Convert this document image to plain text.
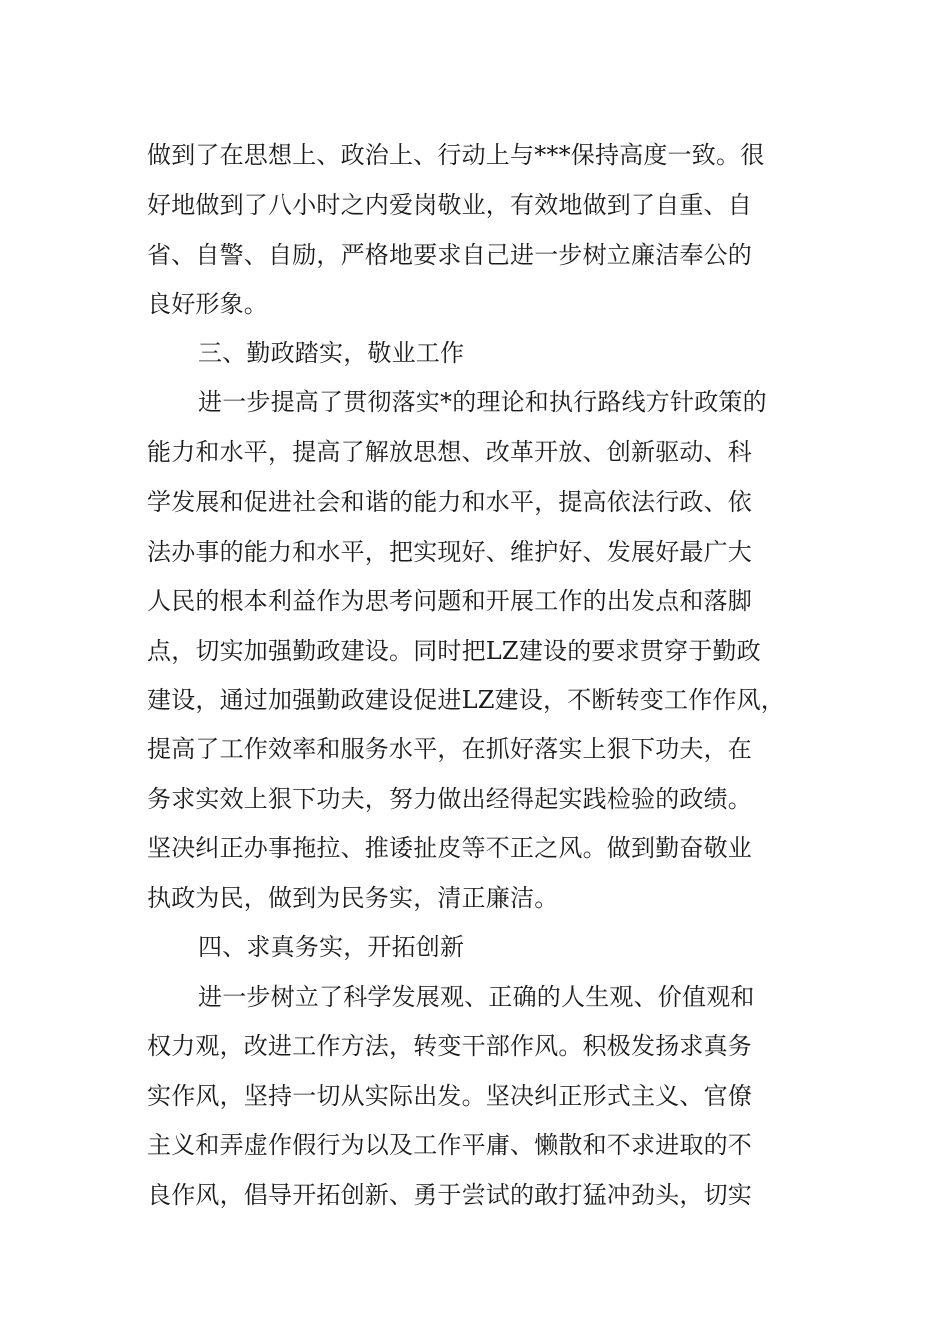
做到了在思想上、政治上、行动上与***保持高度一致。很
好地做到了八小时之内爱岗敬业，有效地做到了自重、自
省、自警、自励，严格地要求自己进一步树立廉洁奉公的
良好形象。
三、勤政踏实，敬业工作
进一步提高了贯彻落实*的理论和执行路线方针政策的
能力和水平，提高了解放思想、改革开放、创新驱动、科
学发展和促进社会和谐的能力和水平，提高依法行政、依
法办事的能力和水平，把实现好、维护好、发展好最广大
人民的根本利益作为思考问题和开展工作的出发点和落脚
点，切实加强勤政建设。同时把LZ建设的要求贯穿于勤政
建设，通过加强勤政建设促进LZ建设，不断转变工作作风，
提高了工作效率和服务水平，在抓好落实上狠下功夫，在
务求实效上狠下功夫，努力做出经得起实践检验的政绩。
坚决纠正办事拖拉、推诿扯皮等不正之风。做到勤奋敬业
执政为民，做到为民务实，清正廉洁。
四、求真务实，开拓创新
进一步树立了科学发展观、正确的人生观、价值观和
权力观，改进工作方法，转变干部作风。积极发扬求真务
实作风，坚持一切从实际出发。坚决纠正形式主义、官僚
主义和弄虚作假行为以及工作平庸、懒散和不求进取的不
良作风，倡导开拓创新、勇于尝试的敢打猛冲劲头，切实
